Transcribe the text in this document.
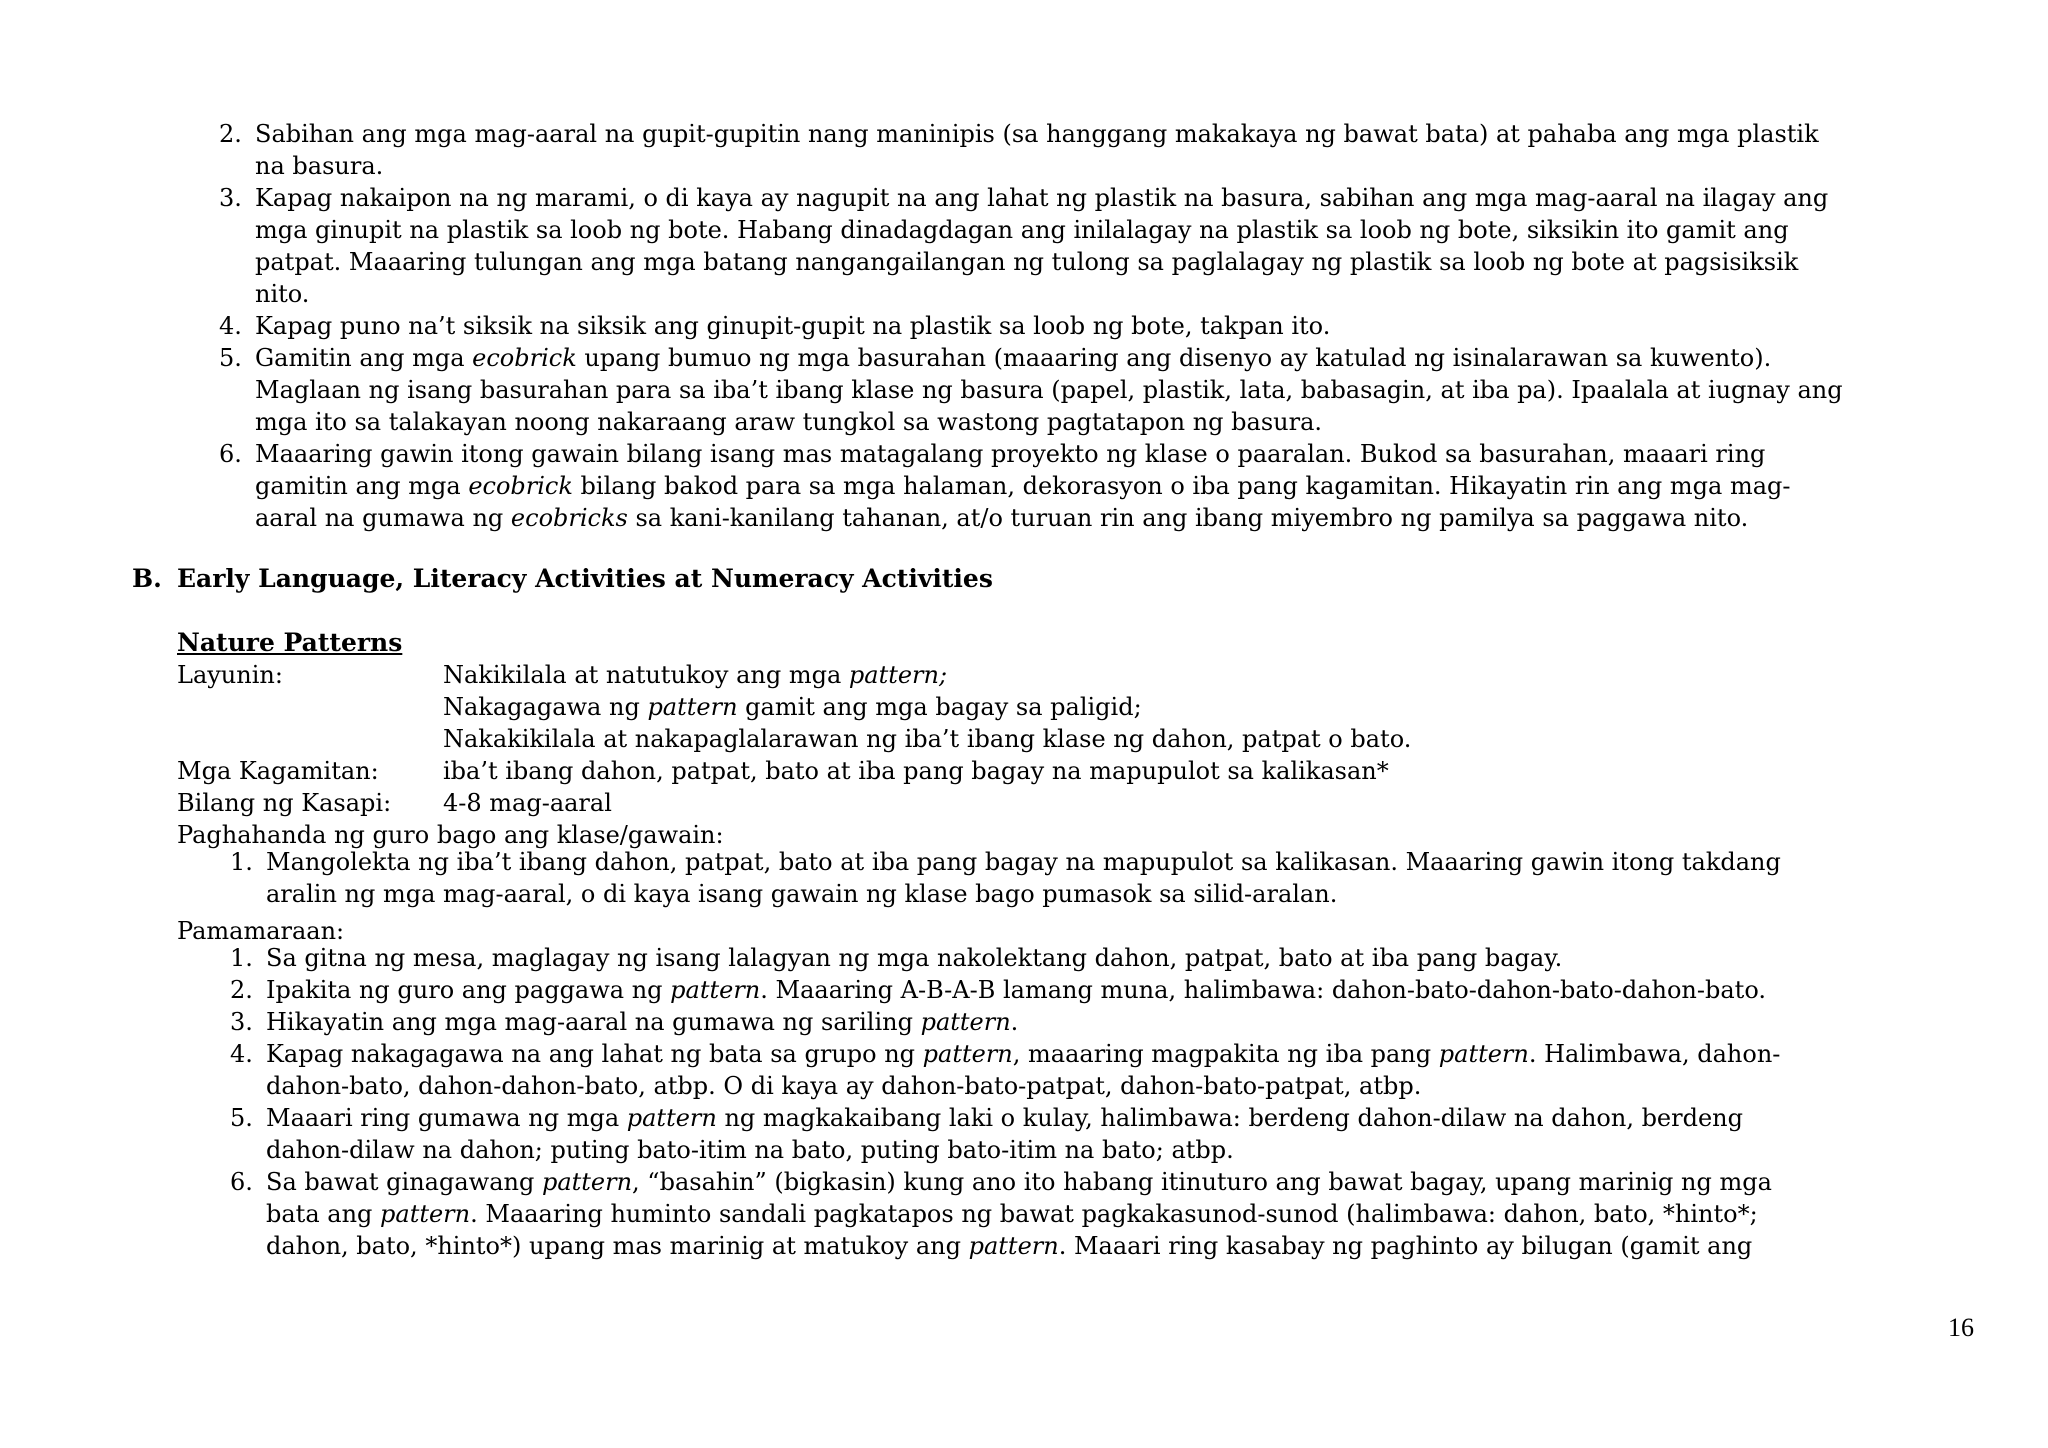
2. Sabihan ang mga mag-aaral na gupit-gupitin nang maninipis (sa hanggang makakaya ng bawat bata) at pahaba ang mga plastik
na basura.
3. Kapag nakaipon na ng marami, o di kaya ay nagupit na ang lahat ng plastik na basura, sabihan ang mga mag-aaral na ilagay ang
mga ginupit na plastik sa loob ng bote. Habang dinadagdagan ang inilalagay na plastik sa loob ng bote, siksikin ito gamit ang
patpat. Maaaring tulungan ang mga batang nangangailangan ng tulong sa paglalagay ng plastik sa loob ng bote at pagsisiksik
nito.
4. Kapag puno na’t siksik na siksik ang ginupit-gupit na plastik sa loob ng bote, takpan ito.
5. Gamitin ang mga ecobrick upang bumuo ng mga basurahan (maaaring ang disenyo ay katulad ng isinalarawan sa kuwento).
Maglaan ng isang basurahan para sa iba’t ibang klase ng basura (papel, plastik, lata, babasagin, at iba pa). Ipaalala at iugnay ang
mga ito sa talakayan noong nakaraang araw tungkol sa wastong pagtatapon ng basura.
6. Maaaring gawin itong gawain bilang isang mas matagalang proyekto ng klase o paaralan. Bukod sa basurahan, maaari ring
gamitin ang mga ecobrick bilang bakod para sa mga halaman, dekorasyon o iba pang kagamitan. Hikayatin rin ang mga mag-
aaral na gumawa ng ecobricks sa kani-kanilang tahanan, at/o turuan rin ang ibang miyembro ng pamilya sa paggawa nito.
B. Early Language, Literacy Activities at Numeracy Activities
Nature Patterns
Layunin:	Nakikilala at natutukoy ang mga pattern;
Nakagagawa ng pattern gamit ang mga bagay sa paligid;
Nakakikilala at nakapaglalarawan ng iba’t ibang klase ng dahon, patpat o bato.
Mga Kagamitan:	iba’t ibang dahon, patpat, bato at iba pang bagay na mapupulot sa kalikasan*
Bilang ng Kasapi: 4-8 mag-aaral
Paghahanda ng guro bago ang klase/gawain:
1. Mangolekta ng iba’t ibang dahon, patpat, bato at iba pang bagay na mapupulot sa kalikasan. Maaaring gawin itong takdang
aralin ng mga mag-aaral, o di kaya isang gawain ng klase bago pumasok sa silid-aralan.
Pamamaraan:
1. Sa gitna ng mesa, maglagay ng isang lalagyan ng mga nakolektang dahon, patpat, bato at iba pang bagay.
2. Ipakita ng guro ang paggawa ng pattern. Maaaring A-B-A-B lamang muna, halimbawa: dahon-bato-dahon-bato-dahon-bato.
3. Hikayatin ang mga mag-aaral na gumawa ng sariling pattern.
4. Kapag nakagagawa na ang lahat ng bata sa grupo ng pattern, maaaring magpakita ng iba pang pattern. Halimbawa, dahon-
dahon-bato, dahon-dahon-bato, atbp. O di kaya ay dahon-bato-patpat, dahon-bato-patpat, atbp.
5. Maaari ring gumawa ng mga pattern ng magkakaibang laki o kulay, halimbawa: berdeng dahon-dilaw na dahon, berdeng
dahon-dilaw na dahon; puting bato-itim na bato, puting bato-itim na bato; atbp.
6. Sa bawat ginagawang pattern, “basahin” (bigkasin) kung ano ito habang itinuturo ang bawat bagay, upang marinig ng mga
bata ang pattern. Maaaring huminto sandali pagkatapos ng bawat pagkakasunod-sunod (halimbawa: dahon, bato, *hinto*;
dahon, bato, *hinto*) upang mas marinig at matukoy ang pattern. Maaari ring kasabay ng paghinto ay bilugan (gamit ang
16
